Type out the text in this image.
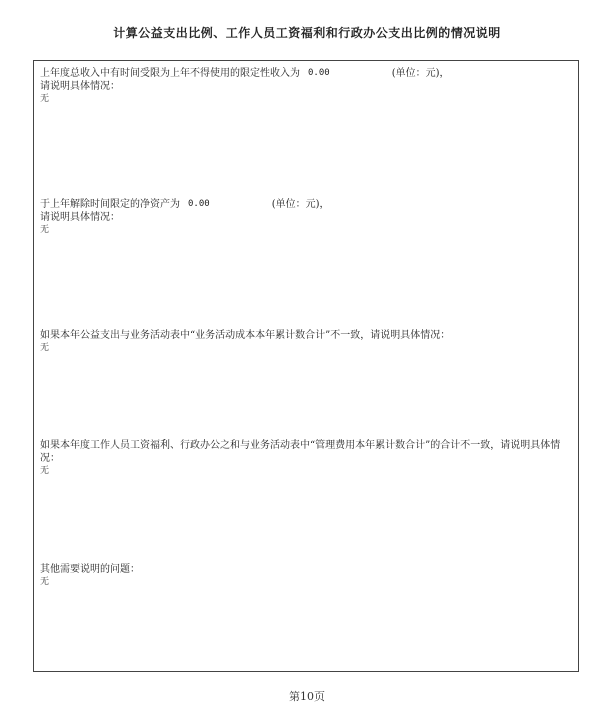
计算公益支出比例、工作人员工资福利和行政办公支出比例的情况说明
上年度总收入中有时间受限为上年不得使用的限定性收入为 0.00	(单位：元)，
请说明具体情况：
无
于上年解除时间限定的净资产为 0.00	(单位：元)，
请说明具体情况：
无
如果本年公益支出与业务活动表中“业务活动成本本年累计数合计”不一致，请说明具体情况：
无
如果本年度工作人员工资福利、行政办公之和与业务活动表中“管理费用本年累计数合计”的合计不一致，请说明具体情况：
无
其他需要说明的问题：
无
第10页
